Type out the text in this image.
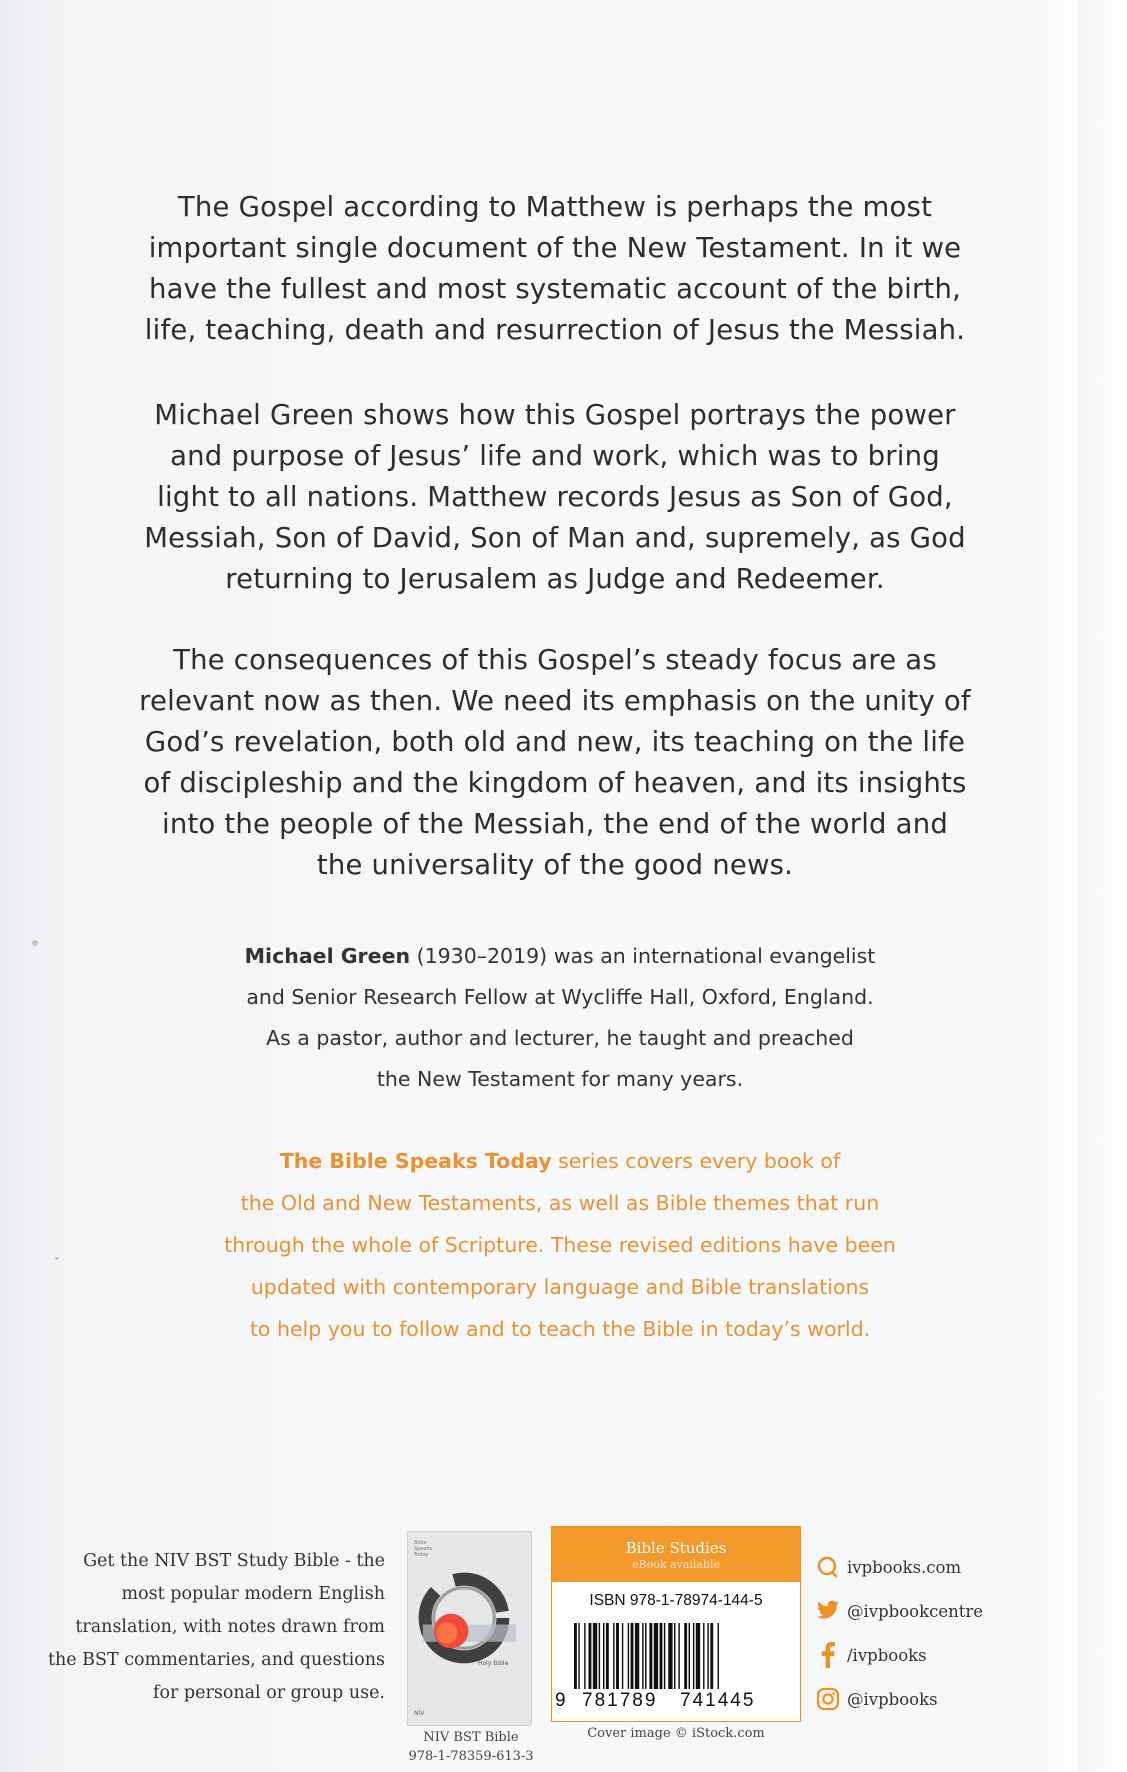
The Gospel according to Matthew is perhaps the most
important single document of the New Testament. In it we
have the fullest and most systematic account of the birth,
life, teaching, death and resurrection of Jesus the Messiah.

Michael Green shows how this Gospel portrays the power
and purpose of Jesus’ life and work, which was to bring
light to all nations. Matthew records Jesus as Son of God,
Messiah, Son of David, Son of Man and, supremely, as God
returning to Jerusalem as Judge and Redeemer.

The consequences of this Gospel’s steady focus are as
relevant now as then. We need its emphasis on the unity of
God’s revelation, both old and new, its teaching on the life
of discipleship and the kingdom of heaven, and its insights
into the people of the Messiah, the end of the world and
the universality of the good news.

Michael Green (1930–2019) was an international evangelist
and Senior Research Fellow at Wycliffe Hall, Oxford, England.
As a pastor, author and lecturer, he taught and preached
the New Testament for many years.

The Bible Speaks Today series covers every book of
the Old and New Testaments, as well as Bible themes that run
through the whole of Scripture. These revised editions have been
updated with contemporary language and Bible translations
to help you to follow and to teach the Bible in today’s world.

Get the NIV BST Study Bible - the
most popular modern English
translation, with notes drawn from
the BST commentaries, and questions
for personal or group use.

Bible
Speaks
Today
Holy Bible
NIV
NIV BST Bible
978-1-78359-613-3
Bible Studies
eBook available
ISBN 978-1-78974-144-5
9 781789 741445
Cover image © iStock.com
ivpbooks.com
@ivpbookcentre
/ivpbooks
@ivpbooks
